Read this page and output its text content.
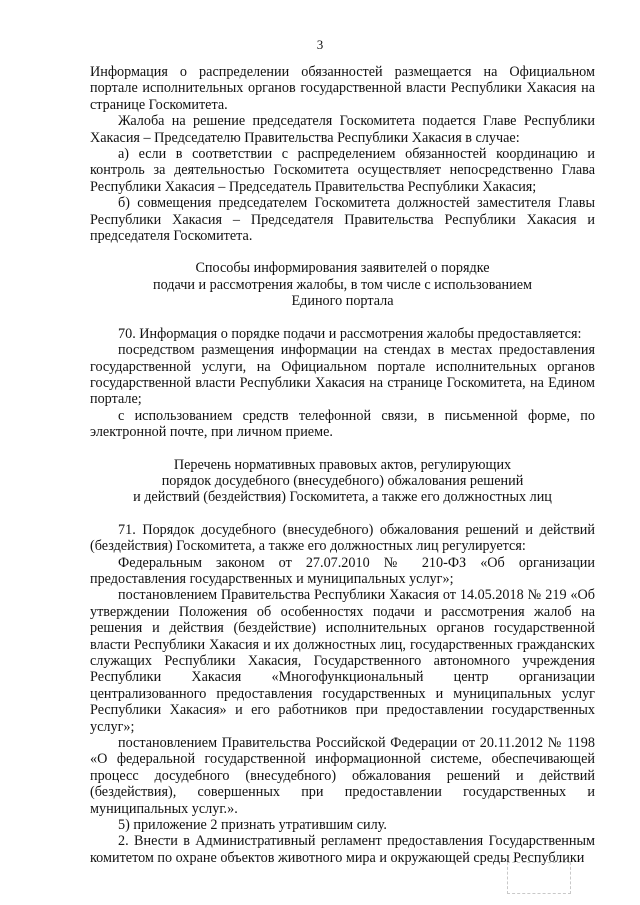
3

Информация о распределении обязанностей размещается на Официальном портале исполнительных органов государственной власти Республики Хакасия на странице Госкомитета.

Жалоба на решение председателя Госкомитета подается Главе Республики Хакасия – Председателю Правительства Республики Хакасия в случае:

а) если в соответствии с распределением обязанностей координацию и контроль за деятельностью Госкомитета осуществляет непосредственно Глава Республики Хакасия – Председатель Правительства Республики Хакасия;

б) совмещения председателем Госкомитета должностей заместителя Главы Республики Хакасия – Председателя Правительства Республики Хакасия и председателя Госкомитета.

Способы информирования заявителей о порядке
подачи и рассмотрения жалобы, в том числе с использованием
Единого портала

70. Информация о порядке подачи и рассмотрения жалобы предоставляется:

посредством размещения информации на стендах в местах предоставления государственной услуги, на Официальном портале исполнительных органов государственной власти Республики Хакасия на странице Госкомитета, на Едином портале;

с использованием средств телефонной связи, в письменной форме, по электронной почте, при личном приеме.

Перечень нормативных правовых актов, регулирующих
порядок досудебного (внесудебного) обжалования решений
и действий (бездействия) Госкомитета, а также его должностных лиц

71. Порядок досудебного (внесудебного) обжалования решений и действий (бездействия) Госкомитета, а также его должностных лиц регулируется:

Федеральным законом от 27.07.2010 № 210-ФЗ «Об организации предоставления государственных и муниципальных услуг»;

постановлением Правительства Республики Хакасия от 14.05.2018 № 219 «Об утверждении Положения об особенностях подачи и рассмотрения жалоб на решения и действия (бездействие) исполнительных органов государственной власти Республики Хакасия и их должностных лиц, государственных гражданских служащих Республики Хакасия, Государственного автономного учреждения Республики Хакасия «Многофункциональный центр организации централизованного предоставления государственных и муниципальных услуг Республики Хакасия» и его работников при предоставлении государственных услуг»;

постановлением Правительства Российской Федерации от 20.11.2012 № 1198 «О федеральной государственной информационной системе, обеспечивающей процесс досудебного (внесудебного) обжалования решений и действий (бездействия), совершенных при предоставлении государственных и муниципальных услуг.».

5) приложение 2 признать утратившим силу.

2. Внести в Административный регламент предоставления Государственным комитетом по охране объектов животного мира и окружающей среды Республики
